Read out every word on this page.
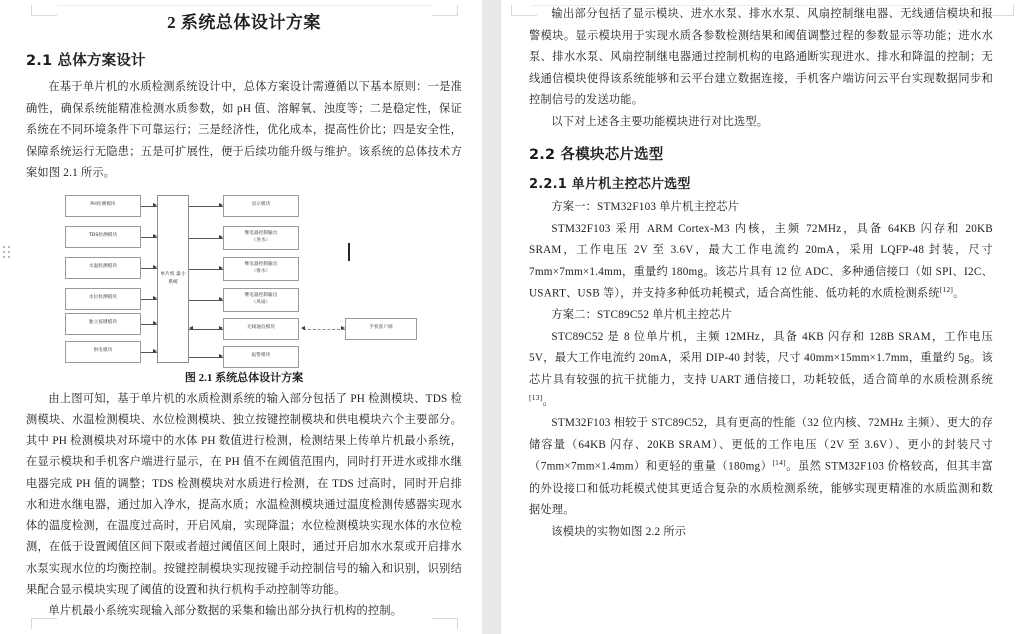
2 系统总体设计方案
2.1 总体方案设计

在基于单片机的水质检测系统设计中，总体方案设计需遵循以下基本原则：一是准确性，确保系统能精准检测水质参数，如 pH 值、溶解氧、浊度等；二是稳定性，保证系统在不同环境条件下可靠运行；三是经济性，优化成本，提高性价比；四是安全性，保障系统运行无隐患；五是可扩展性，便于后续功能升级与维护。该系统的总体技术方案如图 2.1 所示。

PH检测模块
TDS检测模块
水温检测模块
水位检测模块
独立按键模块
供电模块
单片机 最小系统
显示模块
继电器控制输出
（进水）
继电器控制输出
（排水）
继电器控制输出
（风扇）
无线通信模块
报警模块
手机客户端
图 2.1 系统总体设计方案

由上图可知，基于单片机的水质检测系统的输入部分包括了 PH 检测模块、TDS 检测模块、水温检测模块、水位检测模块、独立按键控制模块和供电模块六个主要部分。其中 PH 检测模块对环境中的水体 PH 数值进行检测，检测结果上传单片机最小系统，在显示模块和手机客户端进行显示，在 PH 值不在阈值范围内，同时打开进水或排水继电器完成 PH 值的调整；TDS 检测模块对水质进行检测，在 TDS 过高时，同时开启排水和进水继电器，通过加入净水，提高水质；水温检测模块通过温度检测传感器实现水体的温度检测，在温度过高时，开启风扇，实现降温；水位检测模块实现水体的水位检测，在低于设置阈值区间下限或者超过阈值区间上限时，通过开启加水水泵或开启排水水泵实现水位的均衡控制。按键控制模块实现按键手动控制信号的输入和识别，识别结果配合显示模块实现了阈值的设置和执行机构手动控制等功能。

单片机最小系统实现输入部分数据的采集和输出部分执行机构的控制。

输出部分包括了显示模块、进水水泵、排水水泵、风扇控制继电器、无线通信模块和报警模块。显示模块用于实现水质各参数检测结果和阈值调整过程的参数显示等功能；进水水泵、排水水泵、风扇控制继电器通过控制机构的电路通断实现进水、排水和降温的控制；无线通信模块使得该系统能够和云平台建立数据连接，手机客户端访问云平台实现数据同步和控制信号的发送功能。

以下对上述各主要功能模块进行对比选型。

2.2 各模块芯片选型
2.2.1 单片机主控芯片选型

方案一：STM32F103 单片机主控芯片

STM32F103 采用 ARM Cortex-M3 内核，主频 72MHz，具备 64KB 闪存和 20KB SRAM，工作电压 2V 至 3.6V，最大工作电流约 20mA，采用 LQFP-48 封装，尺寸 7mm×7mm×1.4mm，重量约 180mg。该芯片具有 12 位 ADC、多种通信接口（如 SPI、I2C、USART、USB 等），并支持多种低功耗模式，适合高性能、低功耗的水质检测系统[12]。

方案二：STC89C52 单片机主控芯片

STC89C52 是 8 位单片机，主频 12MHz，具备 4KB 闪存和 128B SRAM，工作电压 5V，最大工作电流约 20mA，采用 DIP-40 封装，尺寸 40mm×15mm×1.7mm，重量约 5g。该芯片具有较强的抗干扰能力，支持 UART 通信接口，功耗较低，适合简单的水质检测系统[13]。

STM32F103 相较于 STC89C52，具有更高的性能（32 位内核、72MHz 主频）、更大的存储容量（64KB 闪存、20KB SRAM）、更低的工作电压（2V 至 3.6V）、更小的封装尺寸（7mm×7mm×1.4mm）和更轻的重量（180mg）[14]。虽然 STM32F103 价格较高，但其丰富的外设接口和低功耗模式使其更适合复杂的水质检测系统，能够实现更精准的水质监测和数据处理。

该模块的实物如图 2.2 所示
